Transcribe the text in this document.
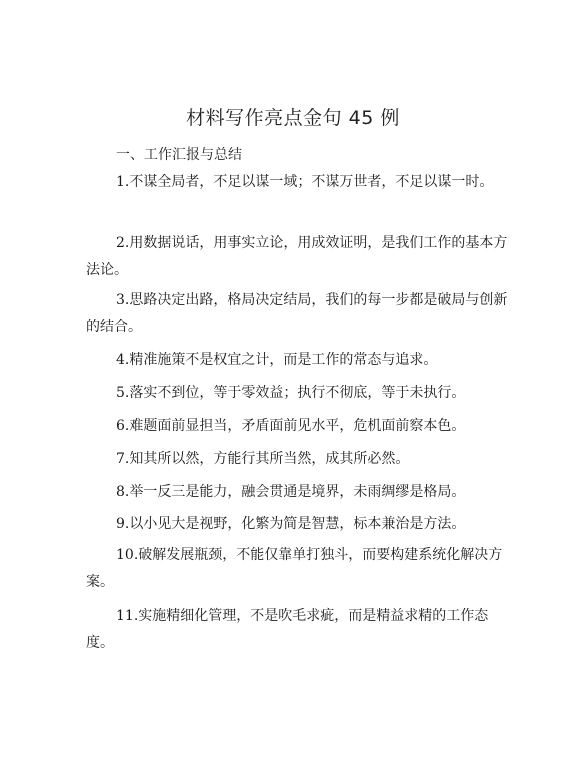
材料写作亮点金句 45 例
一、工作汇报与总结
1.不谋全局者，不足以谋一域；不谋万世者，不足以谋一时。
2.用数据说话，用事实立论，用成效证明，是我们工作的基本方法论。
3.思路决定出路，格局决定结局，我们的每一步都是破局与创新的结合。
4.精准施策不是权宜之计，而是工作的常态与追求。
5.落实不到位，等于零效益；执行不彻底，等于未执行。
6.难题面前显担当，矛盾面前见水平，危机面前察本色。
7.知其所以然，方能行其所当然，成其所必然。
8.举一反三是能力，融会贯通是境界，未雨绸缪是格局。
9.以小见大是视野，化繁为简是智慧，标本兼治是方法。
10.破解发展瓶颈，不能仅靠单打独斗，而要构建系统化解决方案。
11.实施精细化管理，不是吹毛求疵，而是精益求精的工作态度。
